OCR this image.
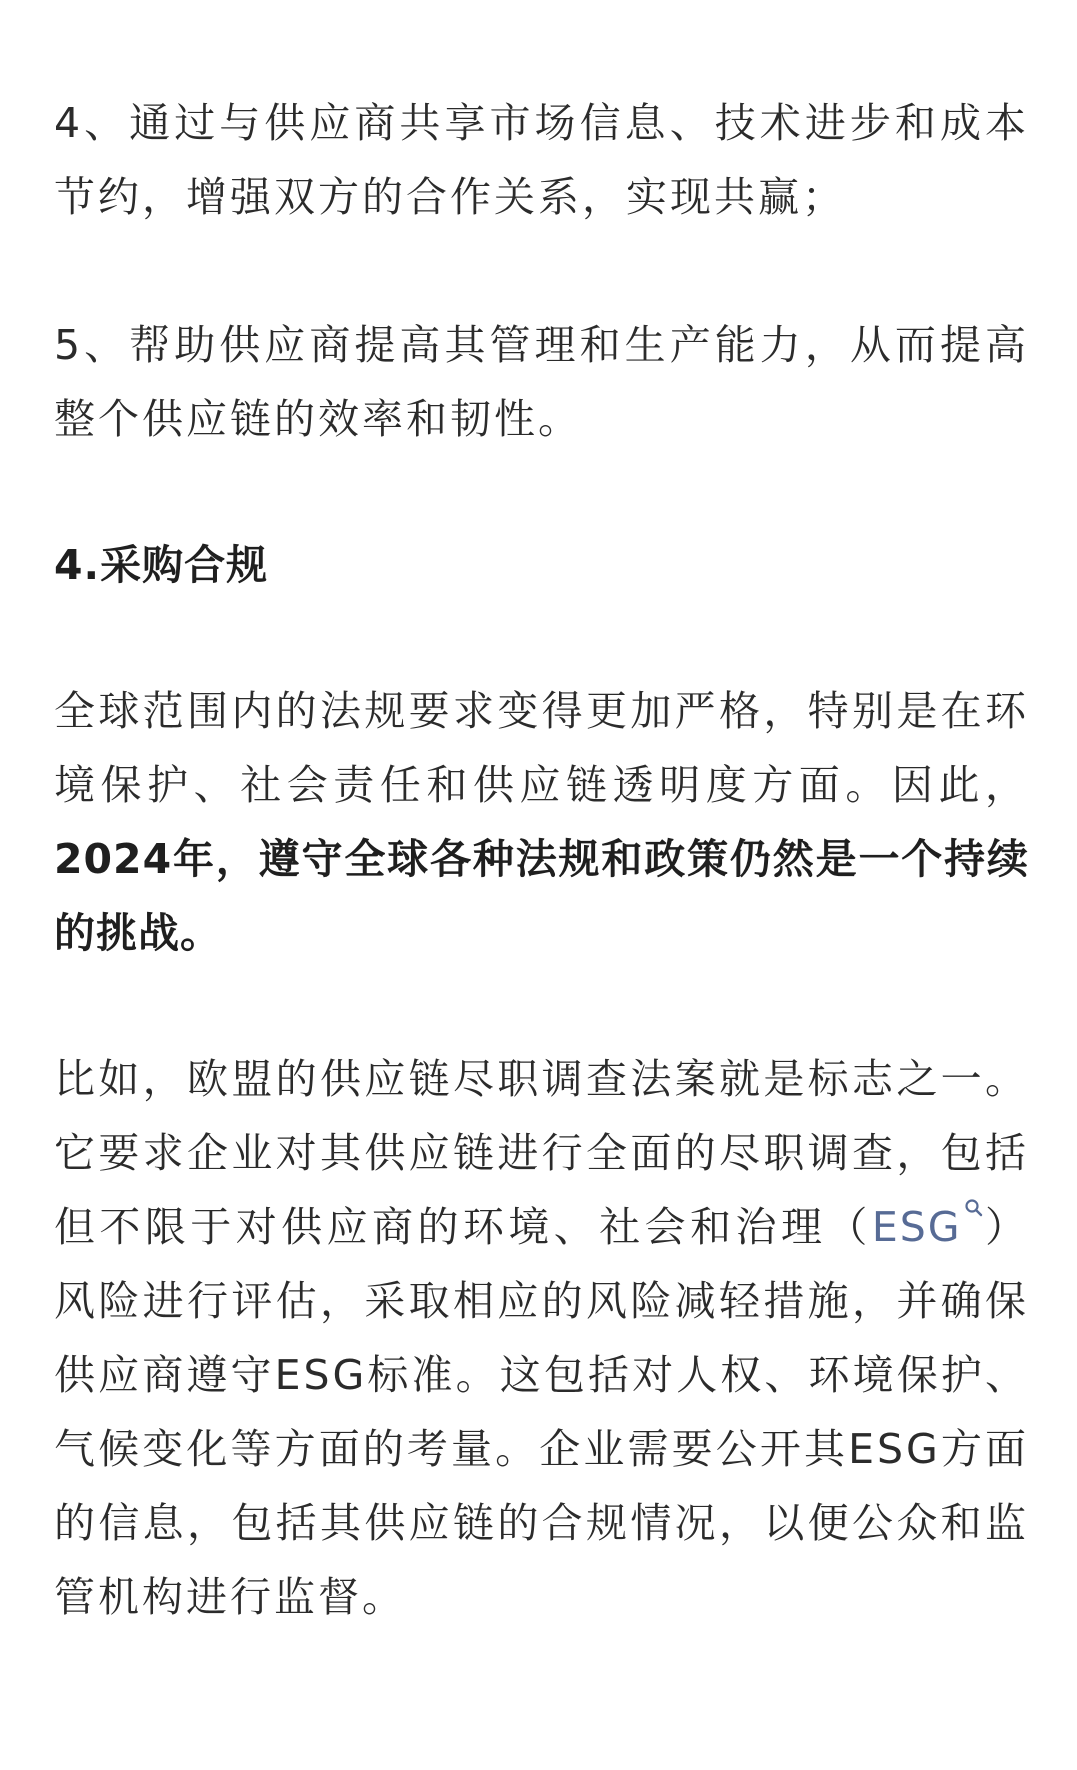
4、通过与供应商共享市场信息、技术进步和成本节约，增强双方的合作关系，实现共赢；

5、帮助供应商提高其管理和生产能力，从而提高整个供应链的效率和韧性。

4.采购合规

全球范围内的法规要求变得更加严格，特别是在环境保护、社会责任和供应链透明度方面。因此，2024年，遵守全球各种法规和政策仍然是一个持续的挑战。

比如，欧盟的供应链尽职调查法案就是标志之一。它要求企业对其供应链进行全面的尽职调查，包括但不限于对供应商的环境、社会和治理（ESG ）风险进行评估，采取相应的风险减轻措施，并确保供应商遵守ESG标准。这包括对人权、环境保护、气候变化等方面的考量。企业需要公开其ESG方面的信息，包括其供应链的合规情况，以便公众和监管机构进行监督。
